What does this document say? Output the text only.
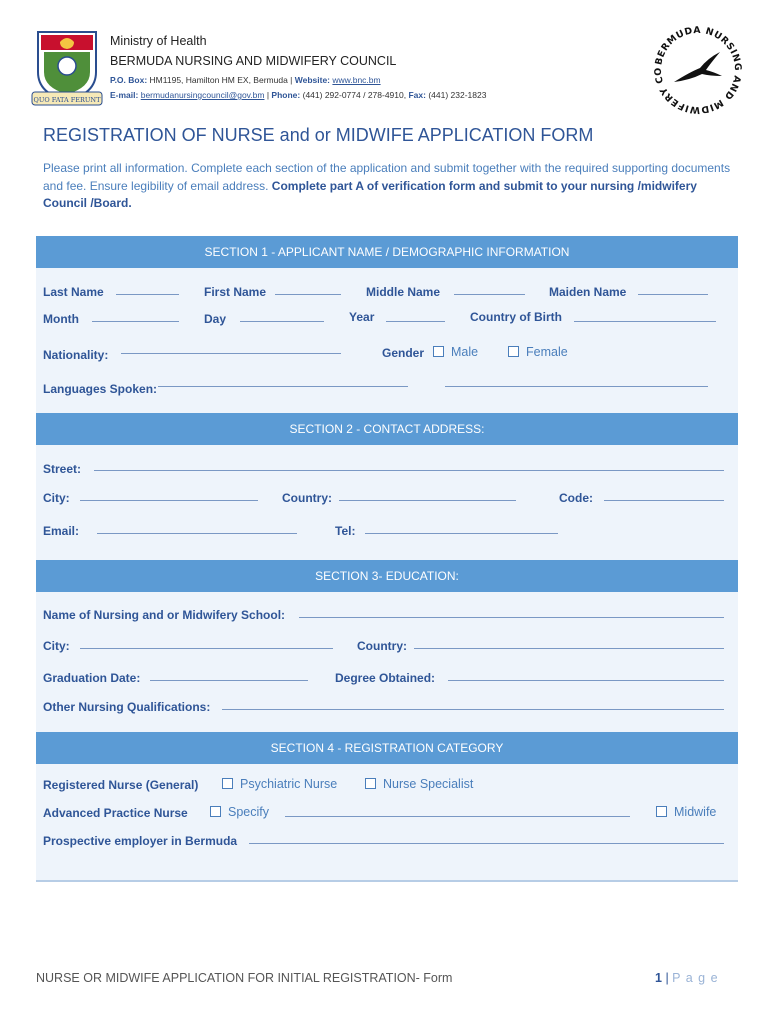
QUO FATA FERUNT
Ministry of Health
BERMUDA NURSING AND MIDWIFERY COUNCIL
P.O. Box: HM1195, Hamilton HM EX, Bermuda | Website: www.bnc.bm
E-mail: bermudanursingcouncil@gov.bm | Phone: (441) 292-0774 / 278-4910, Fax: (441) 232-1823
BERMUDA NURSING AND MIDWIFERY CO
REGISTRATION OF NURSE and or MIDWIFE APPLICATION FORM
Please print all information. Complete each section of the application and submit together with the required supporting documents and fee. Ensure legibility of email address. Complete part A of verification form and submit to your nursing /midwifery Council /Board.
SECTION 1 - APPLICANT NAME / DEMOGRAPHIC INFORMATION
Last Name	First Name	Middle Name	Maiden Name
Month	Day	Year	Country of Birth
Nationality:	Gender	Male	Female
Languages Spoken:
SECTION 2 - CONTACT ADDRESS:
Street:
City:	Country:	Code:
Email:	Tel:
SECTION 3- EDUCATION:
Name of Nursing and or Midwifery School:
City:	Country:
Graduation Date:	Degree Obtained:
Other Nursing Qualifications:
SECTION 4 - REGISTRATION CATEGORY
Registered Nurse (General)	Psychiatric Nurse	Nurse Specialist
Advanced Practice Nurse	Specify	Midwife
Prospective employer in Bermuda
NURSE OR MIDWIFE APPLICATION FOR INITIAL REGISTRATION- Form	1 | P a g e
